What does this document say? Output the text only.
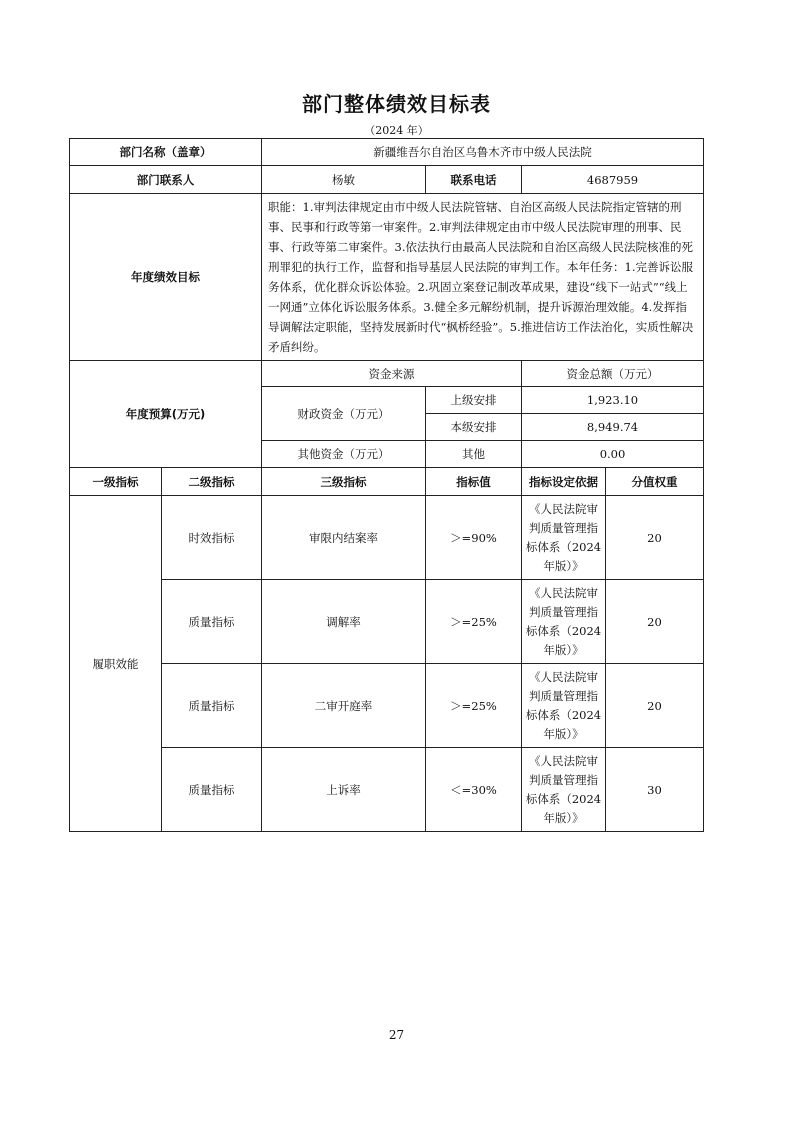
部门整体绩效目标表
（2024 年）
部门名称（盖章）		新疆维吾尔自治区乌鲁木齐市中级人民法院			
部门联系人		杨敏	联系电话	4687959	
年度绩效目标		职能：1.审判法律规定由市中级人民法院管辖、自治区高级人民法院指定管辖的刑事、民事和行政等第一审案件。2.审判法律规定由市中级人民法院审理的刑事、民事、行政等第二审案件。3.依法执行由最高人民法院和自治区高级人民法院核准的死刑罪犯的执行工作，监督和指导基层人民法院的审判工作。本年任务：1.完善诉讼服务体系，优化群众诉讼体验。2.巩固立案登记制改革成果，建设“线下一站式”“线上一网通”立体化诉讼服务体系。3.健全多元解纷机制，提升诉源治理效能。4.发挥指导调解法定职能，坚持发展新时代“枫桥经验”。5.推进信访工作法治化，实质性解决矛盾纠纷。			
年度预算(万元)		资金来源		资金总额（万元）	
		财政资金（万元）	上级安排	1,923.10	
			本级安排	8,949.74	
		其他资金（万元）	其他	0.00	
一级指标	二级指标	三级指标	指标值	指标设定依据	分值权重
履职效能	时效指标	审限内结案率	＞=90%	《人民法院审判质量管理指标体系（2024年版）》	20
	质量指标	调解率	＞=25%	《人民法院审判质量管理指标体系（2024年版）》	20
	质量指标	二审开庭率	＞=25%	《人民法院审判质量管理指标体系（2024年版）》	20
	质量指标	上诉率	＜=30%	《人民法院审判质量管理指标体系（2024年版）》	30
27
